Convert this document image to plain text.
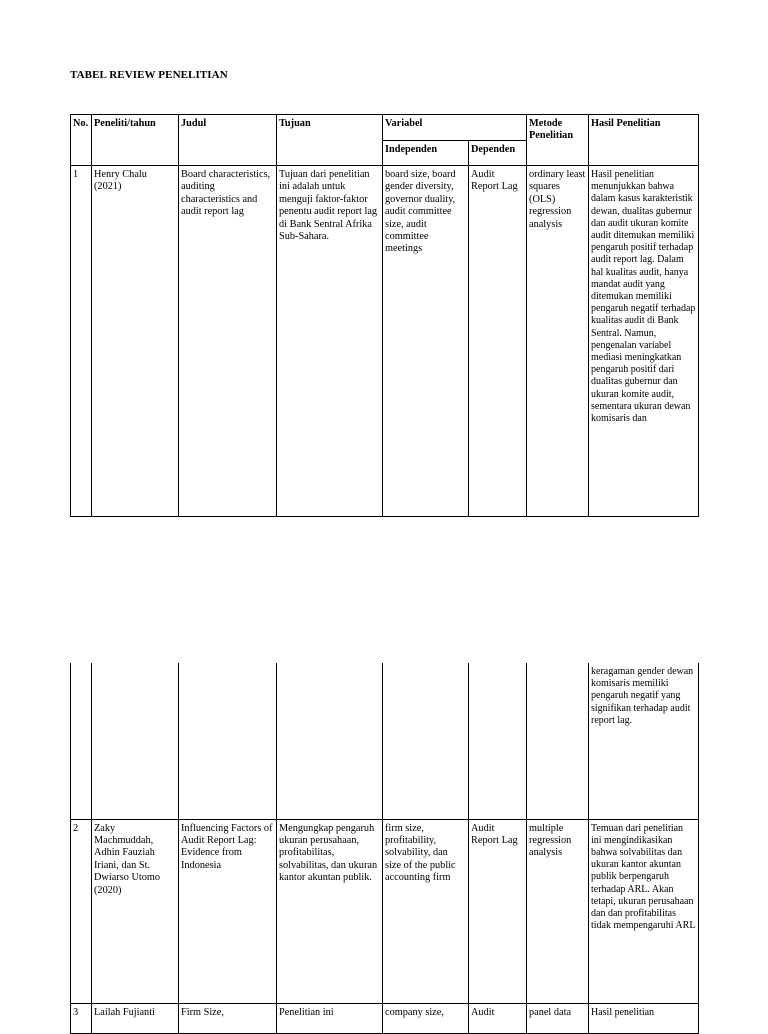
TABEL REVIEW PENELITIAN
No.	Peneliti/tahun	Judul	Tujuan	Variabel		Metode Penelitian	Hasil Penelitian
				Independen	Dependen		
1	Henry Chalu (2021)	Board characteristics, auditing characteristics and audit report lag	Tujuan dari penelitian ini adalah untuk menguji faktor-faktor penentu audit report lag di Bank Sentral Afrika Sub-Sahara.	board size, board gender diversity, governor duality, audit committee size, audit committee meetings	Audit Report Lag	ordinary least squares (OLS) regression analysis	Hasil penelitian menunjukkan bahwa dalam kasus karakteristik dewan, dualitas gubernur dan audit ukuran komite audit ditemukan memiliki pengaruh positif terhadap audit report lag. Dalam hal kualitas audit, hanya mandat audit yang ditemukan memiliki pengaruh negatif terhadap kualitas audit di Bank Sentral. Namun, pengenalan variabel mediasi meningkatkan pengaruh positif dari dualitas gubernur dan ukuran komite audit, sementara ukuran dewan komisaris dan
							keragaman gender dewan komisaris memiliki pengaruh negatif yang signifikan terhadap audit report lag.
2	Zaky Machmuddah, Adhin Fauziah Iriani, dan St. Dwiarso Utomo (2020)	Influencing Factors of Audit Report Lag: Evidence from Indonesia	Mengungkap pengaruh ukuran perusahaan, profitabilitas, solvabilitas, dan ukuran kantor akuntan publik.	firm size, profitability, solvability, dan size of the public accounting firm	Audit Report Lag	multiple regression analysis	Temuan dari penelitian ini mengindikasikan bahwa solvabilitas dan ukuran kantor akuntan publik berpengaruh terhadap ARL. Akan tetapi, ukuran perusahaan dan dan profitabilitas tidak mempengaruhi ARL
3	Lailah Fujianti	Firm Size,	Penelitian ini	company size,	Audit	panel data	Hasil penelitian
